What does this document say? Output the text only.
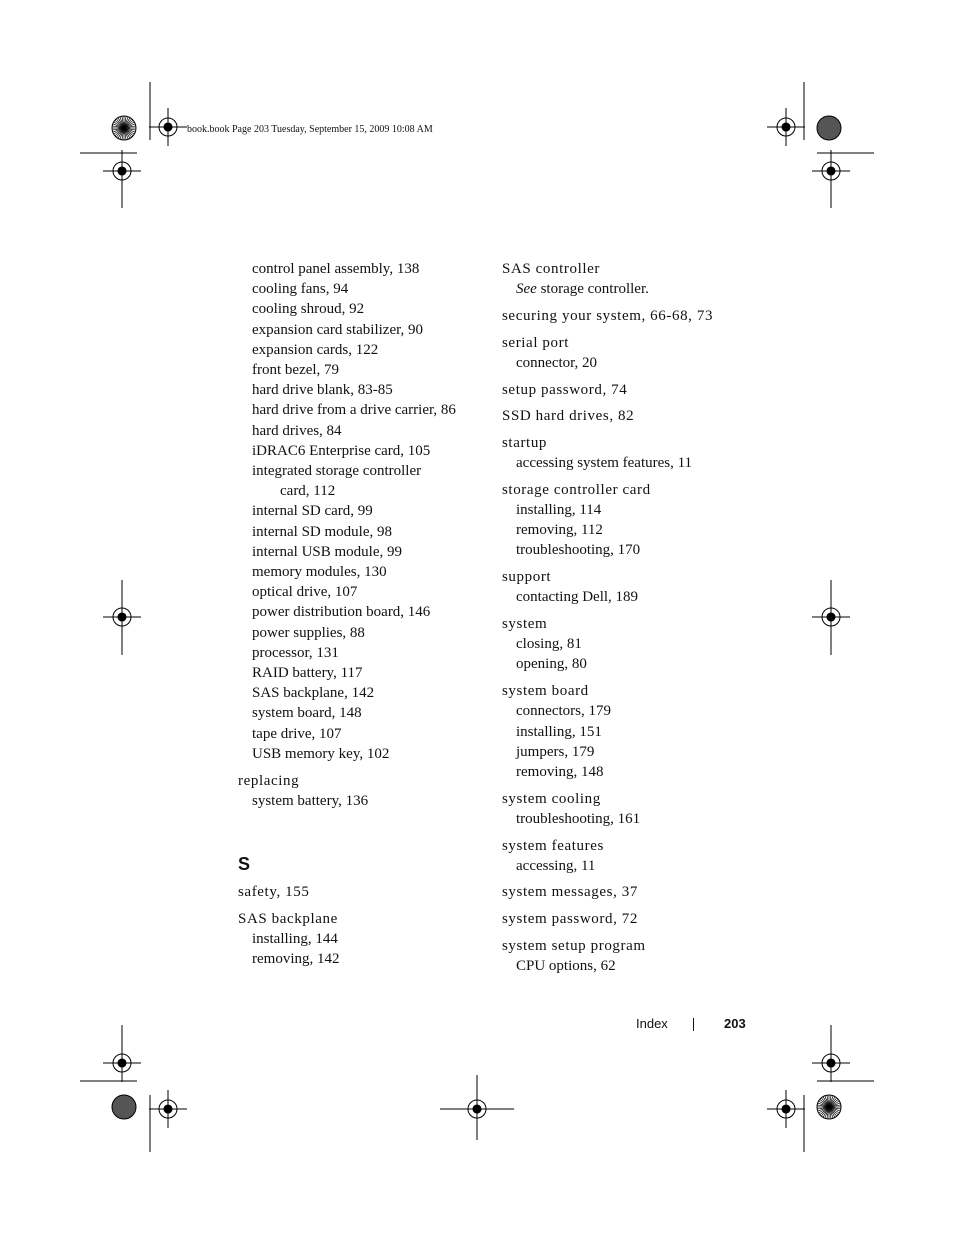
book.book Page 203 Tuesday, September 15, 2009 10:08 AM
control panel assembly, 138
cooling fans, 94
cooling shroud, 92
expansion card stabilizer, 90
expansion cards, 122
front bezel, 79
hard drive blank, 83-85
hard drive from a drive carrier, 86
hard drives, 84
iDRAC6 Enterprise card, 105
integrated storage controller
card, 112
internal SD card, 99
internal SD module, 98
internal USB module, 99
memory modules, 130
optical drive, 107
power distribution board, 146
power supplies, 88
processor, 131
RAID battery, 117
SAS backplane, 142
system board, 148
tape drive, 107
USB memory key, 102
replacing
system battery, 136
S
safety, 155
SAS backplane
installing, 144
removing, 142
SAS controller
See storage controller.
securing your system, 66-68, 73
serial port
connector, 20
setup password, 74
SSD hard drives, 82
startup
accessing system features, 11
storage controller card
installing, 114
removing, 112
troubleshooting, 170
support
contacting Dell, 189
system
closing, 81
opening, 80
system board
connectors, 179
installing, 151
jumpers, 179
removing, 148
system cooling
troubleshooting, 161
system features
accessing, 11
system messages, 37
system password, 72
system setup program
CPU options, 62
Index	203
